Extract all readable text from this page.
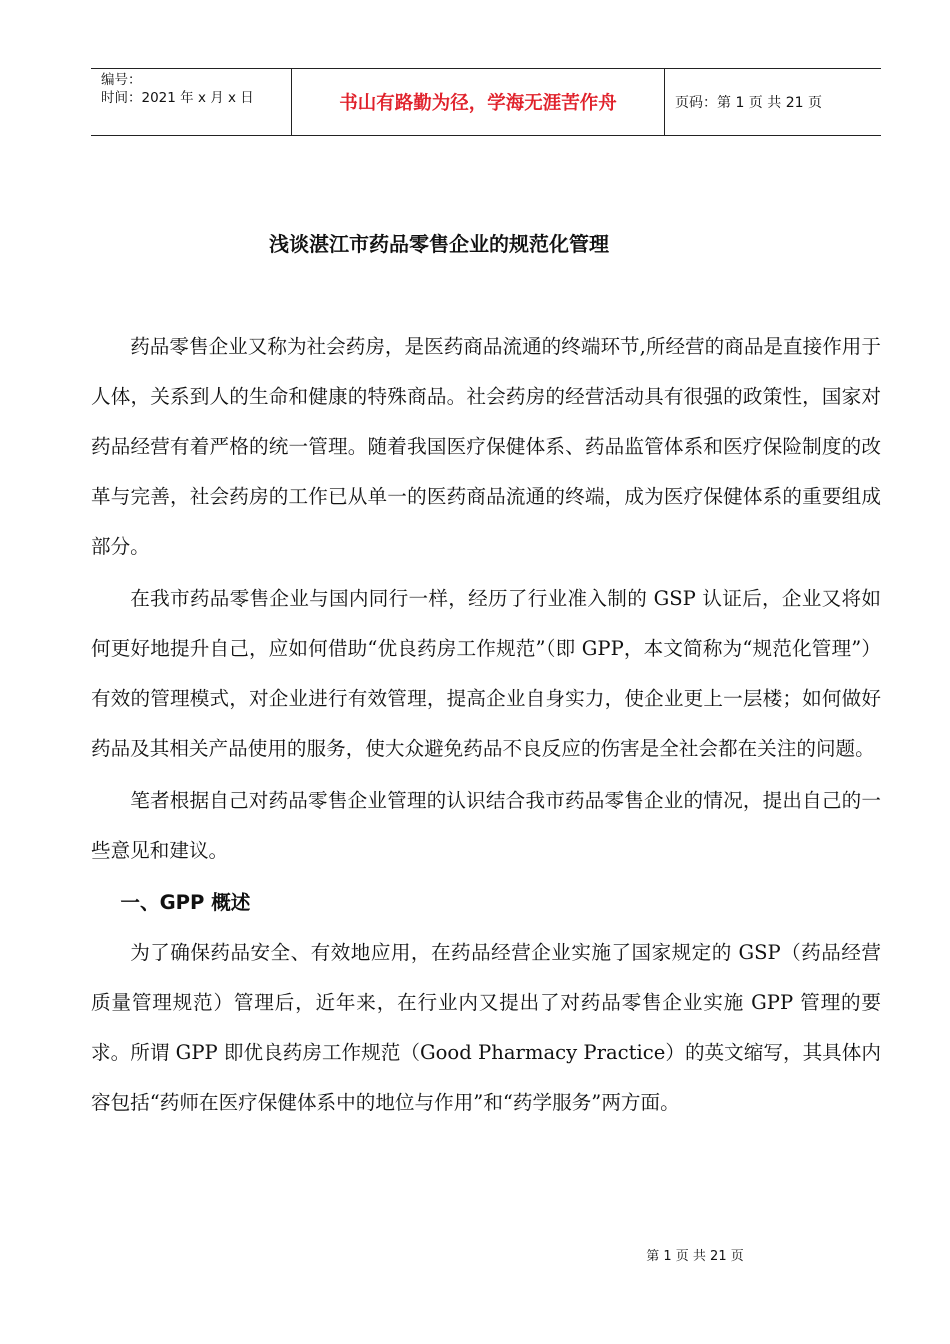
编号：
时间：2021 年 x 月 x 日	书山有路勤为径，学海无涯苦作舟	页码：第 1 页 共 21 页
浅谈湛江市药品零售企业的规范化管理

药品零售企业又称为社会药房，是医药商品流通的终端环节,所经营的商品是直接作用于人体，关系到人的生命和健康的特殊商品。社会药房的经营活动具有很强的政策性，国家对药品经营有着严格的统一管理。随着我国医疗保健体系、药品监管体系和医疗保险制度的改革与完善，社会药房的工作已从单一的医药商品流通的终端，成为医疗保健体系的重要组成部分。

在我市药品零售企业与国内同行一样，经历了行业准入制的 GSP 认证后，企业又将如何更好地提升自己，应如何借助“优良药房工作规范”（即 GPP，本文简称为“规范化管理”）有效的管理模式，对企业进行有效管理，提高企业自身实力，使企业更上一层楼；如何做好药品及其相关产品使用的服务，使大众避免药品不良反应的伤害是全社会都在关注的问题。

笔者根据自己对药品零售企业管理的认识结合我市药品零售企业的情况，提出自己的一些意见和建议。

一、GPP 概述

为了确保药品安全、有效地应用，在药品经营企业实施了国家规定的 GSP（药品经营质量管理规范）管理后，近年来，在行业内又提出了对药品零售企业实施 GPP 管理的要求。所谓 GPP 即优良药房工作规范（Good Pharmacy Practice）的英文缩写，其具体内容包括“药师在医疗保健体系中的地位与作用”和“药学服务”两方面。

第 1 页 共 21 页
